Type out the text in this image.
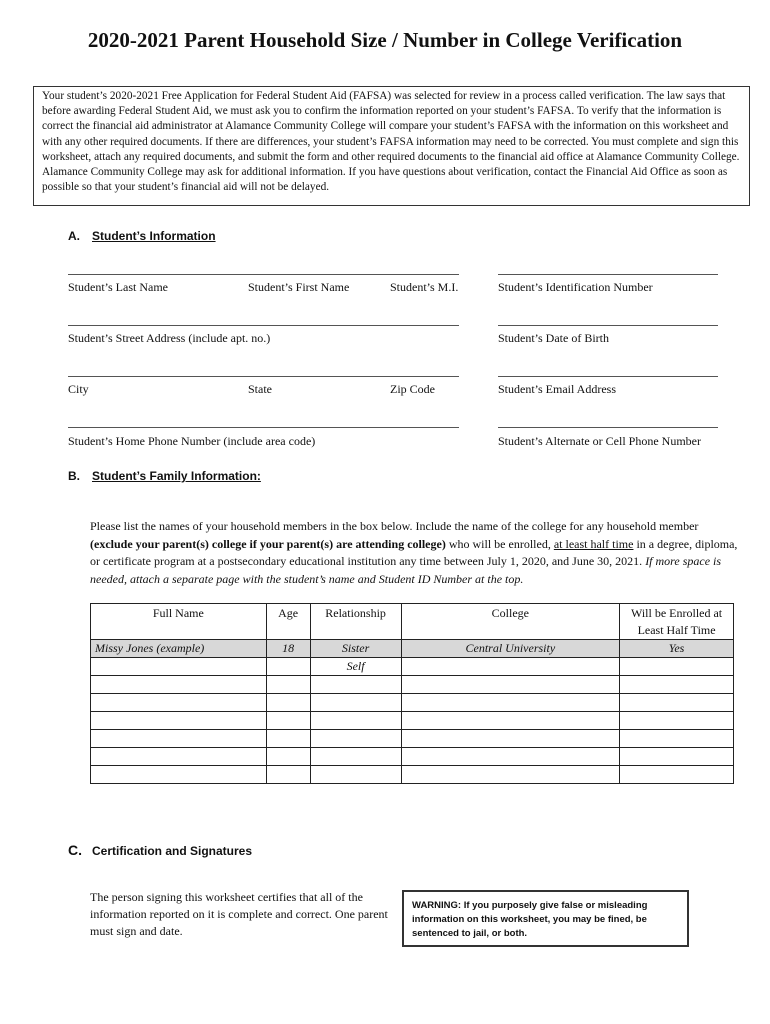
2020-2021 Parent Household Size / Number in College Verification
Your student’s 2020-2021 Free Application for Federal Student Aid (FAFSA) was selected for review in a process called verification. The law says that before awarding Federal Student Aid, we must ask you to confirm the information reported on your student’s FAFSA. To verify that the information is correct the financial aid administrator at Alamance Community College will compare your student’s FAFSA with the information on this worksheet and with any other required documents. If there are differences, your student’s FAFSA information may need to be corrected. You must complete and sign this worksheet, attach any required documents, and submit the form and other required documents to the financial aid office at Alamance Community College. Alamance Community College may ask for additional information. If you have questions about verification, contact the Financial Aid Office as soon as possible so that your student’s financial aid will not be delayed.
A. Student’s Information
Student’s Last Name	Student’s First Name	Student’s M.I.	Student’s Identification Number
Student’s Street Address (include apt. no.)	Student’s Date of Birth
City	State	Zip Code	Student’s Email Address
Student’s Home Phone Number (include area code)	Student’s Alternate or Cell Phone Number
B. Student’s Family Information:
Please list the names of your household members in the box below. Include the name of the college for any household member (exclude your parent(s) college if your parent(s) are attending college) who will be enrolled, at least half time in a degree, diploma, or certificate program at a postsecondary educational institution any time between July 1, 2020, and June 30, 2021. If more space is needed, attach a separate page with the student’s name and Student ID Number at the top.
Full Name	Age	Relationship	College	Will be Enrolled at Least Half Time
Missy Jones (example)	18	Sister	Central University	Yes
		Self		

C. Certification and Signatures
The person signing this worksheet certifies that all of the information reported on it is complete and correct. One parent must sign and date.
WARNING: If you purposely give false or misleading information on this worksheet, you may be fined, be sentenced to jail, or both.
